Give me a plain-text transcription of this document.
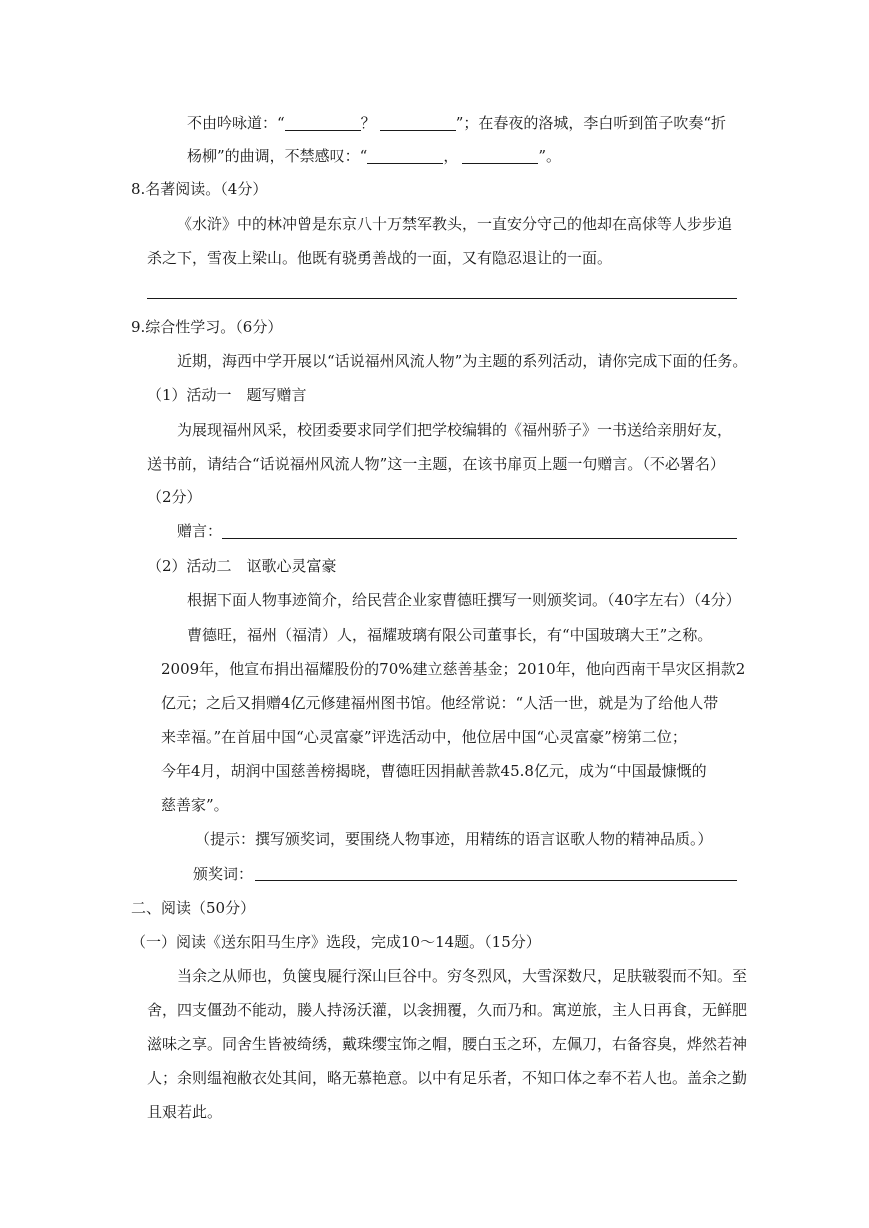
不由吟咏道：“	？	”；在春夜的洛城，李白听到笛子吹奏“折
杨柳”的曲调，不禁感叹：“	，	”。
8.名著阅读。（4分）
《水浒》中的林冲曾是东京八十万禁军教头，一直安分守己的他却在高俅等人步步追
杀之下，雪夜上梁山。他既有骁勇善战的一面，又有隐忍退让的一面。
9.综合性学习。（6分）
近期，海西中学开展以“话说福州风流人物”为主题的系列活动，请你完成下面的任务。
（1）活动一　题写赠言
为展现福州风采，校团委要求同学们把学校编辑的《福州骄子》一书送给亲朋好友，
送书前，请结合“话说福州风流人物”这一主题，在该书扉页上题一句赠言。（不必署名）
（2分）
赠言：
（2）活动二　讴歌心灵富豪
根据下面人物事迹简介，给民营企业家曹德旺撰写一则颁奖词。（40字左右）（4分）
曹德旺，福州（福清）人，福耀玻璃有限公司董事长，有“中国玻璃大王”之称。
2009年，他宣布捐出福耀股份的70%建立慈善基金；2010年，他向西南干旱灾区捐款2
亿元；之后又捐赠4亿元修建福州图书馆。他经常说：“人活一世，就是为了给他人带
来幸福。”在首届中国“心灵富豪”评选活动中，他位居中国“心灵富豪”榜第二位；
今年4月，胡润中国慈善榜揭晓，曹德旺因捐献善款45.8亿元，成为“中国最慷慨的
慈善家”。
（提示：撰写颁奖词，要围绕人物事迹，用精练的语言讴歌人物的精神品质。）
颁奖词：
二、阅读（50分）
（一）阅读《送东阳马生序》选段，完成10～14题。（15分）
当余之从师也，负箧曳屣行深山巨谷中。穷冬烈风，大雪深数尺，足肤皲裂而不知。至
舍，四支僵劲不能动，媵人持汤沃灌，以衾拥覆，久而乃和。寓逆旅，主人日再食，无鲜肥
滋味之享。同舍生皆被绮绣，戴珠缨宝饰之帽，腰白玉之环，左佩刀，右备容臭，烨然若神
人；余则缊袍敝衣处其间，略无慕艳意。以中有足乐者，不知口体之奉不若人也。盖余之勤
且艰若此。
